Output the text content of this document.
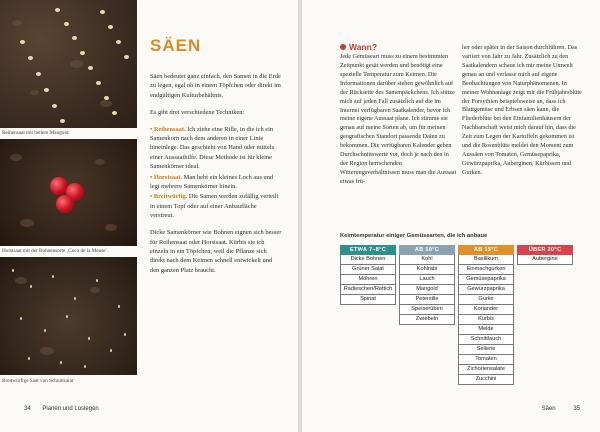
Reihensaat mit hellem Mangold.
Horstsaat mit der Bohnensorte ‚Coco de la Meuse'.
Breitwürfige Saat von Schnittsalat
SÄEN

Säen bedeutet ganz einfach, den Samen in die Erde zu legen, egal ob in einem Töpfchen oder direkt im endgültigen Kulturbehältnis.

Es gibt drei verschiedene Techniken:

• Reihensaat. Ich ziehe eine Rille, in die ich ein Samenkorn nach dem anderen in einer Linie hineinlege. Das geschieht von Hand oder mittels einer Aussaathilfe. Diese Methode ist für kleine Samenkörner ideal.
• Horstsaat. Man hebt ein kleines Loch aus und legt mehrere Samenkörner hinein.
• Breitwürfig. Die Samen werden zufällig verteilt in einem Topf oder auf einer Anbaufläche verstreut.

Dicke Samenkörner wie Bohnen eignen sich besser für Reihensaat oder Horstsaat. Kürbis sie ich einzeln in ein Töpfchen, weil die Pflanze sich direkt nach dem Keimen schnell entwickelt und den ganzen Platz braucht.

34 Planen und Loslegen
Wann?
Jede Gemüseart muss zu einem bestimmten Zeitpunkt gesät werden und benötigt eine spezielle Temperatur zum Keimen. Die Informationen darüber stehen gewöhnlich auf der Rückseite des Samenpäckchens. Ich stütze mich auf jeden Fall zusätzlich auf die im Internet verfügbaren Saatkalender, bevor ich meine eigene Aussaat plane. Ich stimme sie genau auf meine Sorten ab, um für meinen geografischen Standort passende Daten zu bekommen. Die verfügbaren Kalender geben Durchschnittswerte vor, doch je nach den in der Region herrschenden Witterungsverhältnissen muss man die Aussaat etwas frü-
her oder später in der Saison durchführen. Das variiert von Jahr zu Jahr. Zusätzlich zu den Saatkalendern schaue ich mir meine Umwelt genau an und verlasse mich auf eigene Beobachtungen von Naturphänomenen. In meiner Wohnanlage zeigt mir die Frühjahrsblüte der Forsythien beispielsweise an, dass ich Blattgemüse und Erbsen säen kann, die Fliederblüte bei den Einfamilienhäusern der Nachbarschaft weist mich darauf hin, dass die Zeit zum Legen der Kartoffeln gekommen ist und die Rosenblüte meldet den Moment zum Aussäen von Tomaten, Gemüsepaprika, Gewürzpaprika, Auberginen, Kürbissen und Gurken.
Keimtemperatur einiger Gemüsearten, die ich anbaue
ETWA 7–8°C
Dicke Bohnen
Grüner Salat
Möhren
Radieschen/Rettich
Spinat
AB 10°C
Kohl
Kohlrabi
Lauch
Mangold
Petersilie
Speiserüben
Zwiebeln
AB 15°C
Basilikum
Einmachgurken
Gemüsepaprika
Gewürzpaprika
Gurke
Koriander
Kürbis
Melde
Schnittlauch
Sellerie
Tomaten
Zichoriensalate
Zucchini
ÜBER 20°C
Aubergine
Säen	35
